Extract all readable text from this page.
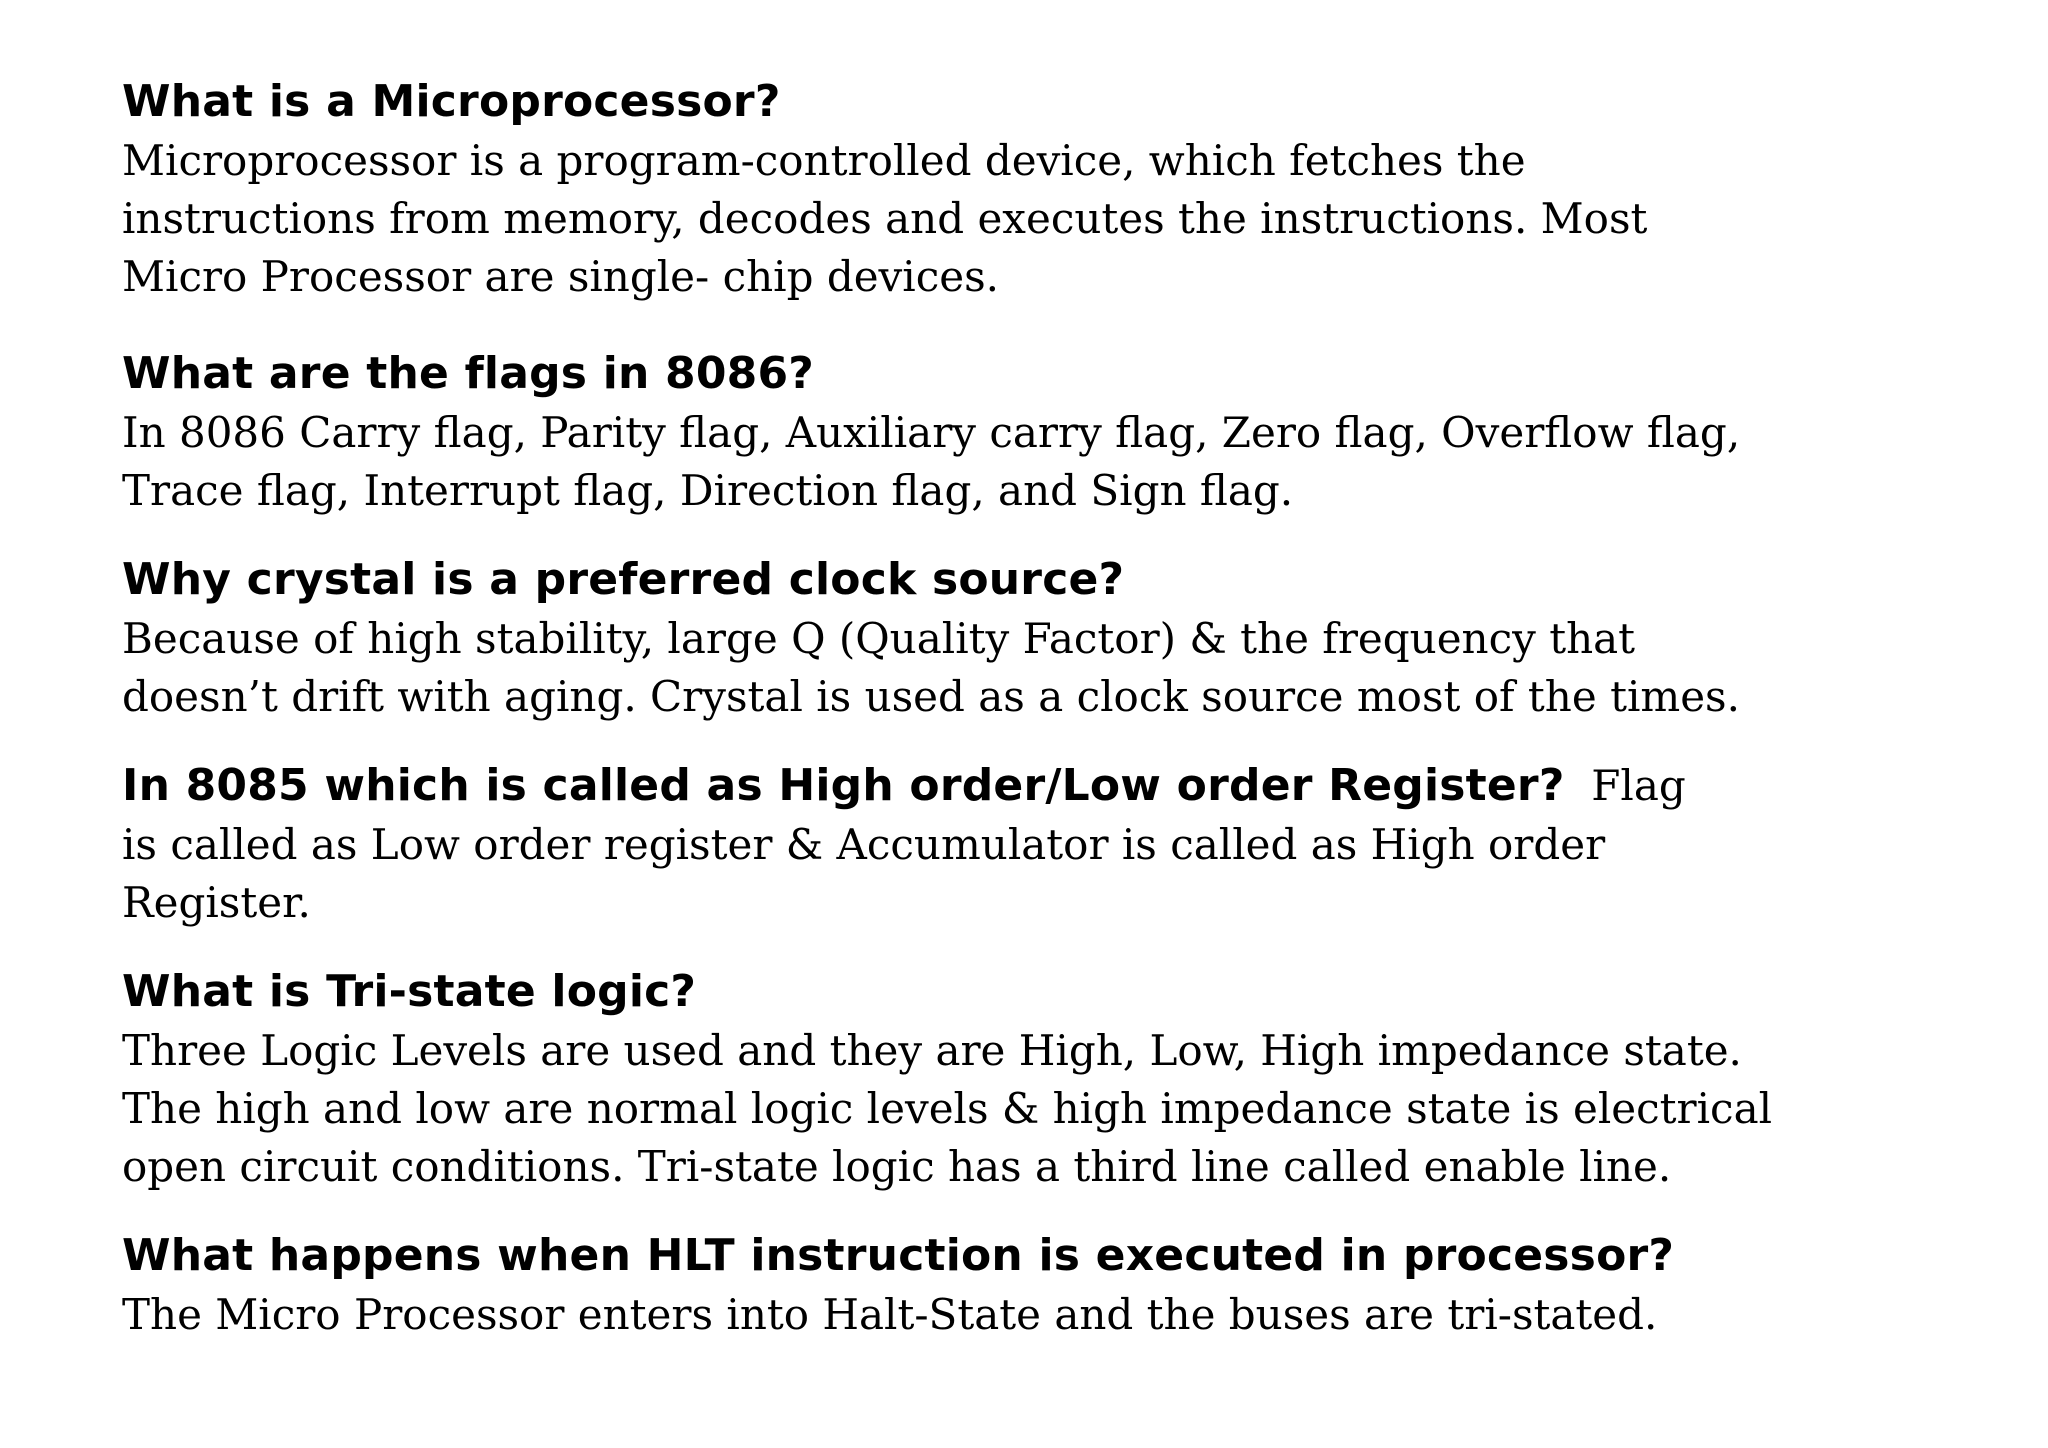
What is a Microprocessor?
Microprocessor is a program-controlled device, which fetches the
instructions from memory, decodes and executes the instructions. Most
Micro Processor are single- chip devices.
What are the flags in 8086?
In 8086 Carry flag, Parity flag, Auxiliary carry flag, Zero flag, Overflow flag,
Trace flag, Interrupt flag, Direction flag, and Sign flag.
Why crystal is a preferred clock source?
Because of high stability, large Q (Quality Factor) & the frequency that
doesn’t drift with aging. Crystal is used as a clock source most of the times.
In 8085 which is called as High order/Low order Register? Flag
is called as Low order register & Accumulator is called as High order
Register.
What is Tri-state logic?
Three Logic Levels are used and they are High, Low, High impedance state.
The high and low are normal logic levels & high impedance state is electrical
open circuit conditions. Tri-state logic has a third line called enable line.
What happens when HLT instruction is executed in processor?
The Micro Processor enters into Halt-State and the buses are tri-stated.
